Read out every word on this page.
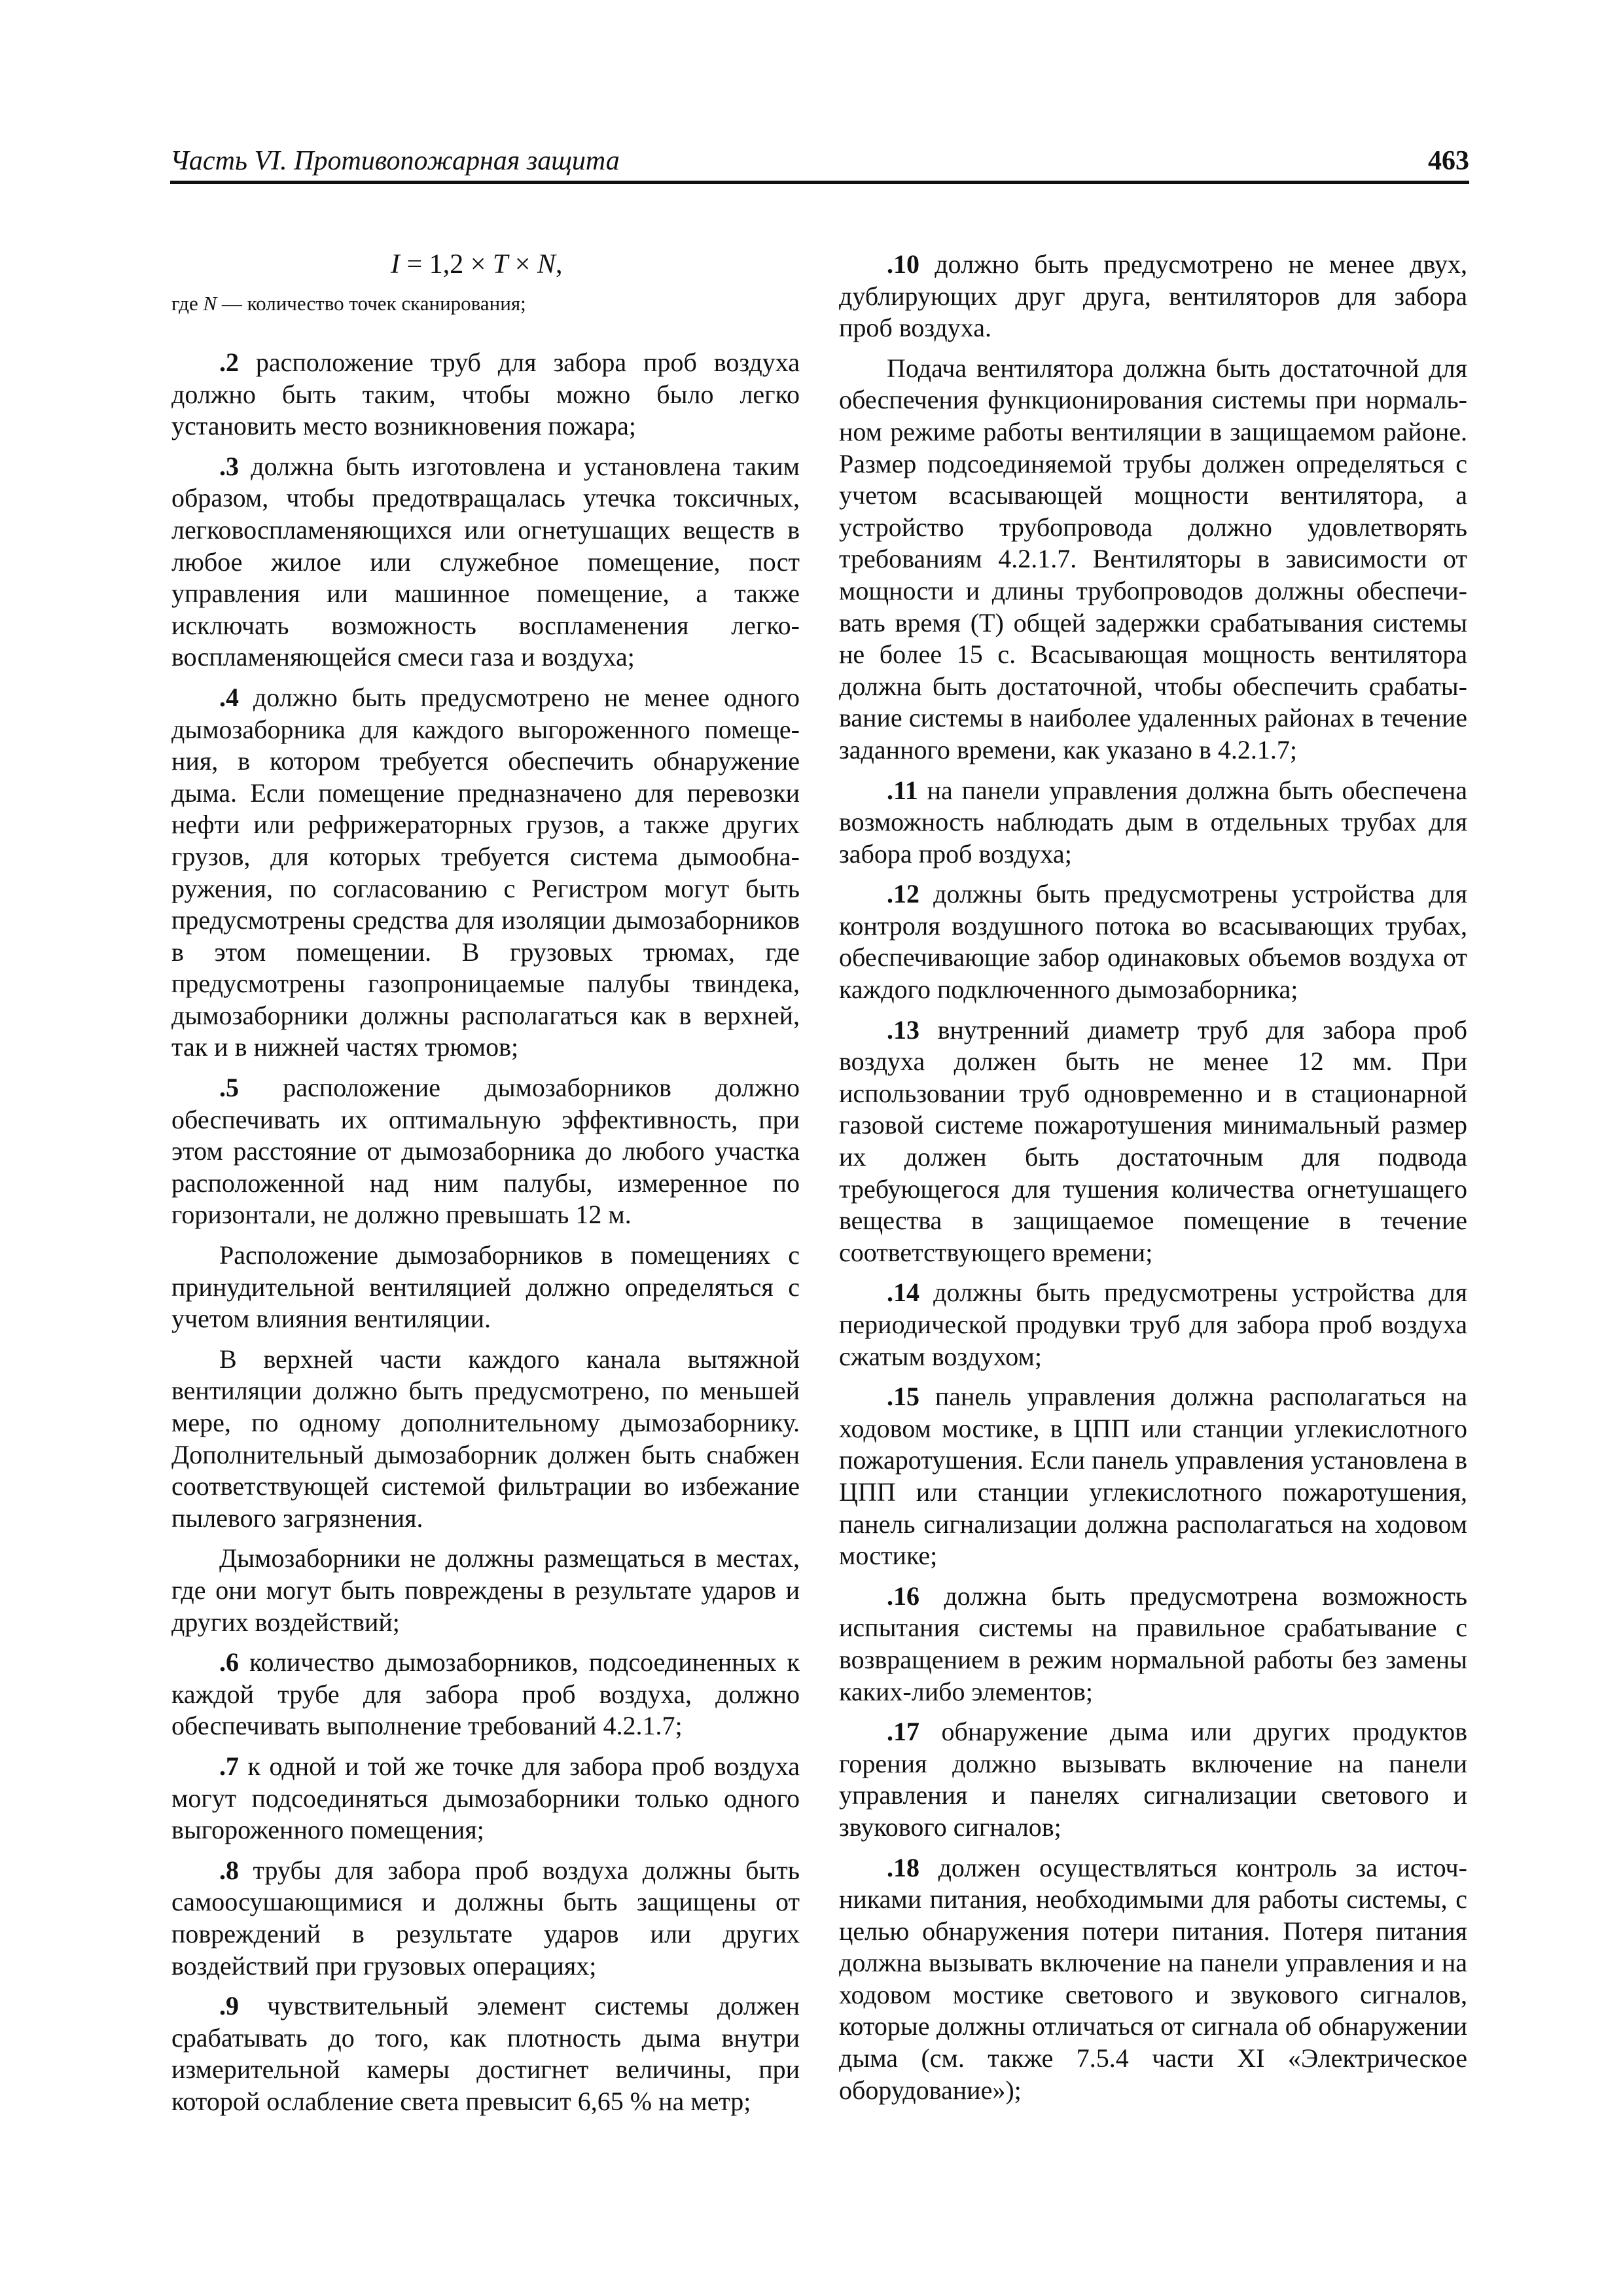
Часть VI. Противопожарная защита	463
I = 1,2 × T × N,
где N — количество точек сканирования;

.2 расположение труб для забора проб воздуха должно быть таким, чтобы можно было легко установить место возникновения пожара;

.3 должна быть изготовлена и установлена таким образом, чтобы предотвращалась утечка токсичных, легковоспламеняющихся или огнетушащих веществ в любое жилое или служебное помещение, пост управления или машинное помещение, а также исключать возможность воспламенения легковоспламеняющейся смеси газа и воздуха;

.4 должно быть предусмотрено не менее одного дымозаборника для каждого выгороженного помещения, в котором требуется обеспечить обнаружение дыма. Если помещение предназначено для перевозки нефти или рефрижераторных грузов, а также других грузов, для которых требуется система дымообнаружения, по согласованию с Регистром могут быть предусмотрены средства для изоляции дымозаборников в этом помещении. В грузовых трюмах, где предусмотрены газопроницаемые палубы твиндека, дымозаборники должны располагаться как в верхней, так и в нижней частях трюмов;

.5 расположение дымозаборников должно обеспечивать их оптимальную эффективность, при этом расстояние от дымозаборника до любого участка расположенной над ним палубы, измеренное по горизонтали, не должно превышать 12 м.

Расположение дымозаборников в помещениях с принудительной вентиляцией должно определяться с учетом влияния вентиляции.

В верхней части каждого канала вытяжной вентиляции должно быть предусмотрено, по меньшей мере, по одному дополнительному дымозаборнику. Дополнительный дымозаборник должен быть снабжен соответствующей системой фильтрации во избежание пылевого загрязнения.

Дымозаборники не должны размещаться в местах, где они могут быть повреждены в результате ударов и других воздействий;

.6 количество дымозаборников, подсоединенных к каждой трубе для забора проб воздуха, должно обеспечивать выполнение требований 4.2.1.7;

.7 к одной и той же точке для забора проб воздуха могут подсоединяться дымозаборники только одного выгороженного помещения;

.8 трубы для забора проб воздуха должны быть самоосушающимися и должны быть защищены от повреждений в результате ударов или других воздействий при грузовых операциях;

.9 чувствительный элемент системы должен срабатывать до того, как плотность дыма внутри измерительной камеры достигнет величины, при которой ослабление света превысит 6,65 % на метр;

.10 должно быть предусмотрено не менее двух, дублирующих друг друга, вентиляторов для забора проб воздуха.

Подача вентилятора должна быть достаточной для обеспечения функционирования системы при нормальном режиме работы вентиляции в защищаемом районе. Размер подсоединяемой трубы должен определяться с учетом всасывающей мощности вентилятора, а устройство трубопровода должно удовлетворять требованиям 4.2.1.7. Вентиляторы в зависимости от мощности и длины трубопроводов должны обеспечивать время (T) общей задержки срабатывания системы не более 15 с. Всасывающая мощность вентилятора должна быть достаточной, чтобы обеспечить срабатывание системы в наиболее удаленных районах в течение заданного времени, как указано в 4.2.1.7;

.11 на панели управления должна быть обеспечена возможность наблюдать дым в отдельных трубах для забора проб воздуха;

.12 должны быть предусмотрены устройства для контроля воздушного потока во всасывающих трубах, обеспечивающие забор одинаковых объемов воздуха от каждого подключенного дымозаборника;

.13 внутренний диаметр труб для забора проб воздуха должен быть не менее 12 мм. При использовании труб одновременно и в стационарной газовой системе пожаротушения минимальный размер их должен быть достаточным для подвода требующегося для тушения количества огнетушащего вещества в защищаемое помещение в течение соответствующего времени;

.14 должны быть предусмотрены устройства для периодической продувки труб для забора проб воздуха сжатым воздухом;

.15 панель управления должна располагаться на ходовом мостике, в ЦПП или станции углекислотного пожаротушения. Если панель управления установлена в ЦПП или станции углекислотного пожаротушения, панель сигнализации должна располагаться на ходовом мостике;

.16 должна быть предусмотрена возможность испытания системы на правильное срабатывание с возвращением в режим нормальной работы без замены каких-либо элементов;

.17 обнаружение дыма или других продуктов горения должно вызывать включение на панели управления и панелях сигнализации светового и звукового сигналов;

.18 должен осуществляться контроль за источниками питания, необходимыми для работы системы, с целью обнаружения потери питания. Потеря питания должна вызывать включение на панели управления и на ходовом мостике светового и звукового сигналов, которые должны отличаться от сигнала об обнаружении дыма (см. также 7.5.4 части XI «Электрическое оборудование»);
